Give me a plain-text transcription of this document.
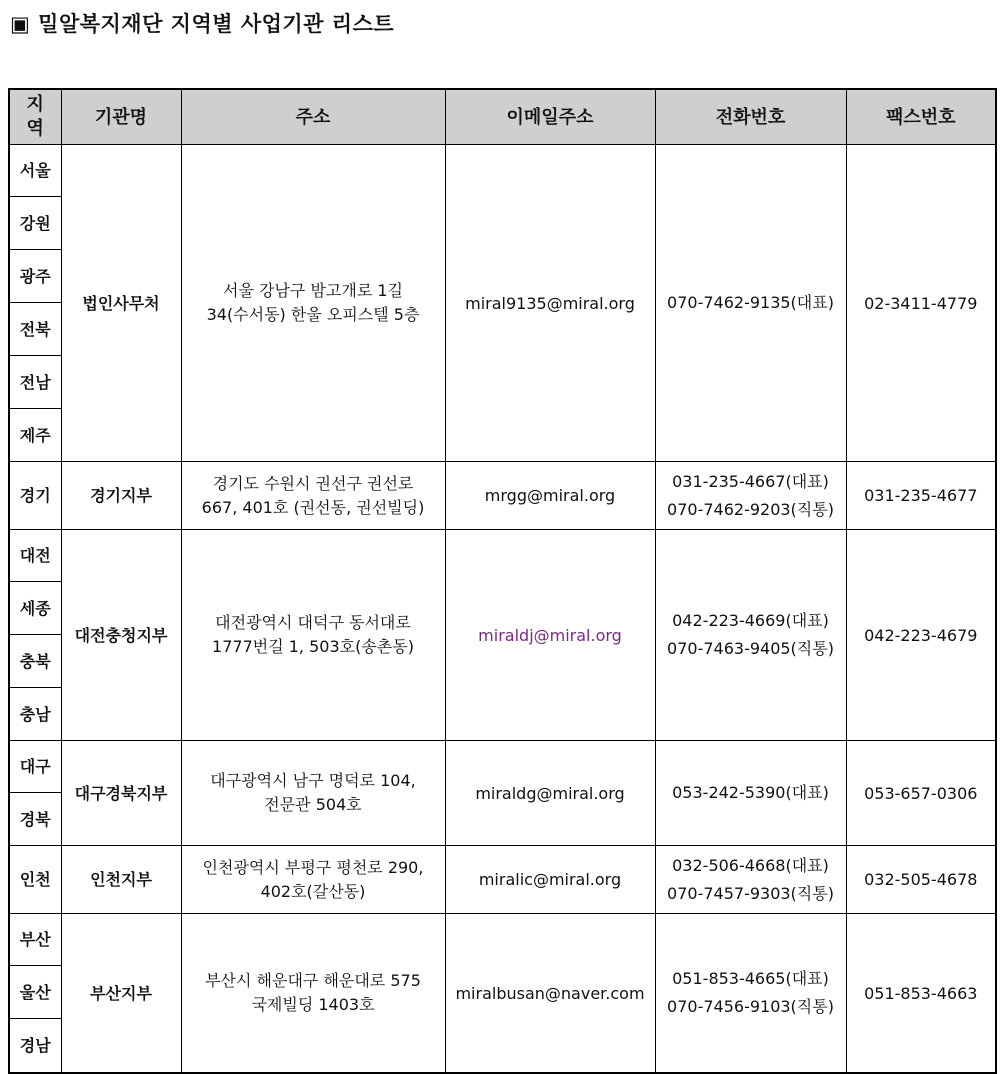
▣ 밀알복지재단 지역별 사업기관 리스트
지
역	기관명	주소	이메일주소	전화번호	팩스번호
서울	법인사무처	서울 강남구 밤고개로 1길
34(수서동) 한울 오피스텔 5층	miral9135@miral.org	070-7462-9135(대표)	02-3411-4779
강원					
광주					
전북					
전남					
제주					
경기	경기지부	경기도 수원시 권선구 권선로
667, 401호 (권선동, 권선빌딩)	mrgg@miral.org	031-235-4667(대표)
070-7462-9203(직통)	031-235-4677
대전	대전충청지부	대전광역시 대덕구 동서대로
1777번길 1, 503호(송촌동)	miraldj@miral.org	042-223-4669(대표)
070-7463-9405(직통)	042-223-4679
세종					
충북					
충남					
대구	대구경북지부	대구광역시 남구 명덕로 104,
전문관 504호	miraldg@miral.org	053-242-5390(대표)	053-657-0306
경북					
인천	인천지부	인천광역시 부평구 평천로 290,
402호(갈산동)	miralic@miral.org	032-506-4668(대표)
070-7457-9303(직통)	032-505-4678
부산	부산지부	부산시 해운대구 해운대로 575
국제빌딩 1403호	miralbusan@naver.com	051-853-4665(대표)
070-7456-9103(직통)	051-853-4663
울산					
경남					
